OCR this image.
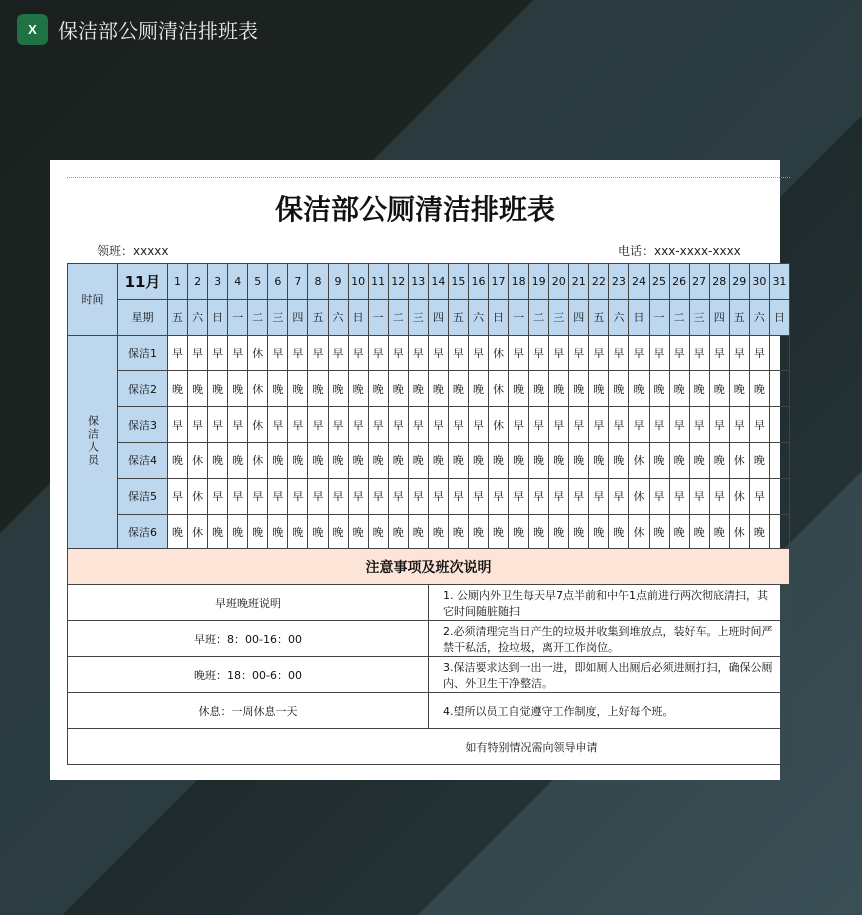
X	保洁部公厕清洁排班表
保洁部公厕清洁排班表
领班：xxxxx	电话：xxx-xxxx-xxxx
时间	11月	1	2	3	4	5	6	7	8	9	10	11	12	13	14	15	16	17	18	19	20	21	22	23	24	25	26	27	28	29	30	31
	星期	五	六	日	一	二	三	四	五	六	日	一	二	三	四	五	六	日	一	二	三	四	五	六	日	一	二	三	四	五	六	日
保洁人员	保洁1	早	早	早	早	休	早	早	早	早	早	早	早	早	早	早	早	休	早	早	早	早	早	早	早	早	早	早	早	早	早	
	保洁2	晚	晚	晚	晚	休	晚	晚	晚	晚	晚	晚	晚	晚	晚	晚	晚	休	晚	晚	晚	晚	晚	晚	晚	晚	晚	晚	晚	晚	晚	
	保洁3	早	早	早	早	休	早	早	早	早	早	早	早	早	早	早	早	休	早	早	早	早	早	早	早	早	早	早	早	早	早	
	保洁4	晚	休	晚	晚	休	晚	晚	晚	晚	晚	晚	晚	晚	晚	晚	晚	晚	晚	晚	晚	晚	晚	晚	休	晚	晚	晚	晚	休	晚	
	保洁5	早	休	早	早	早	早	早	早	早	早	早	早	早	早	早	早	早	早	早	早	早	早	早	休	早	早	早	早	休	早	
	保洁6	晚	休	晚	晚	晚	晚	晚	晚	晚	晚	晚	晚	晚	晚	晚	晚	晚	晚	晚	晚	晚	晚	晚	休	晚	晚	晚	晚	休	晚	
注意事项及班次说明	
早班晚班说明	1. 公厕内外卫生每天早7点半前和中午1点前进行两次彻底清扫，其它时间随脏随扫
早班：8：00-16：00	2.必须清理完当日产生的垃圾并收集到堆放点，装好车。上班时间严禁干私活，捡垃圾，离开工作岗位。
晚班：18：00-6：00	3.保洁要求达到一出一进，即如厕人出厕后必须进厕打扫，确保公厕内、外卫生干净整洁。
休息：一周休息一天	4.望所以员工自觉遵守工作制度，上好每个班。
如有特别情况需向领导申请	
